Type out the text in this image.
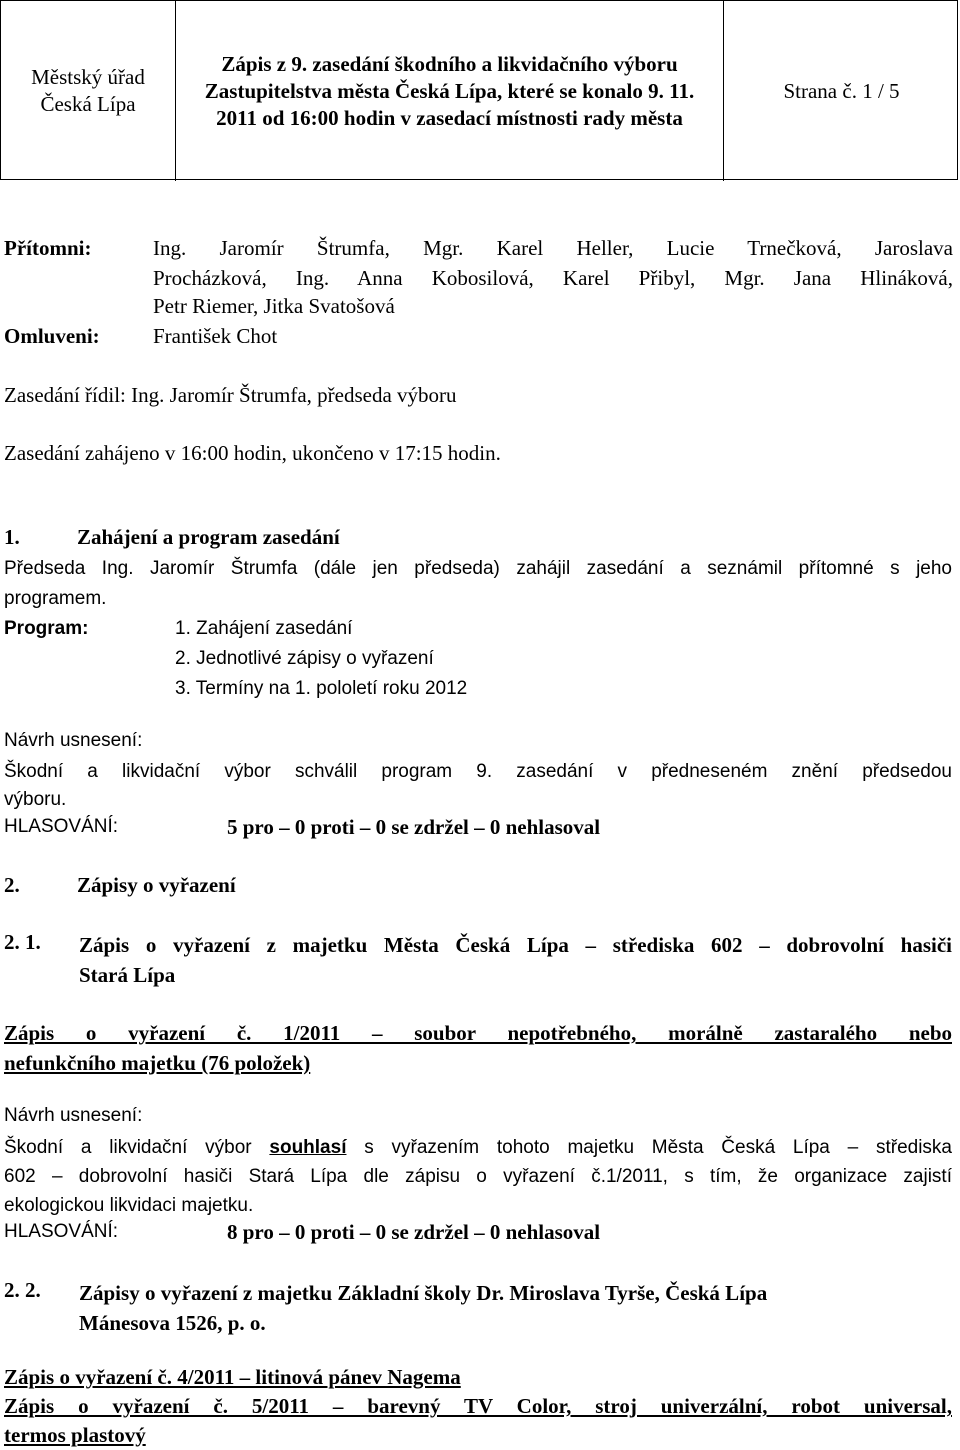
Městský úřad Česká Lípa
Zápis z 9. zasedání škodního a likvidačního výboru Zastupitelstva města Česká Lípa, které se konalo 9. 11. 2011 od 16:00 hodin v zasedací místnosti rady města
Strana č. 1 / 5
Přítomni:	Ing. Jaromír Štrumfa, Mgr. Karel Heller, Lucie Trnečková, Jaroslava
Procházková, Ing. Anna Kobosilová, Karel Přibyl, Mgr. Jana Hlináková,
Petr Riemer, Jitka Svatošová
Omluveni:	František Chot
Zasedání řídil: Ing. Jaromír Štrumfa, předseda výboru
Zasedání zahájeno v 16:00 hodin, ukončeno v 17:15 hodin.
1.	Zahájení a program zasedání
Předseda Ing. Jaromír Štrumfa (dále jen předseda) zahájil zasedání a seznámil přítomné s jeho
programem.
Program:	1. Zahájení zasedání
2. Jednotlivé zápisy o vyřazení
3. Termíny na 1. pololetí roku 2012
Návrh usnesení:
Škodní a likvidační výbor schválil program 9. zasedání v předneseném znění předsedou
výboru.
HLASOVÁNÍ:	5 pro – 0 proti – 0 se zdržel – 0 nehlasoval
2.	Zápisy o vyřazení
2. 1. Zápis o vyřazení z majetku Města Česká Lípa – střediska 602 – dobrovolní hasiči
Stará Lípa
Zápis o vyřazení č. 1/2011 – soubor nepotřebného, morálně zastaralého nebo
nefunkčního majetku (76 položek)
Návrh usnesení:
Škodní a likvidační výbor souhlasí s vyřazením tohoto majetku Města Česká Lípa – střediska
602 – dobrovolní hasiči Stará Lípa dle zápisu o vyřazení č.1/2011, s tím, že organizace zajistí
ekologickou likvidaci majetku.
HLASOVÁNÍ:	8 pro – 0 proti – 0 se zdržel – 0 nehlasoval
2. 2. Zápisy o vyřazení z majetku Základní školy Dr. Miroslava Tyrše, Česká Lípa
Mánesova 1526, p. o.
Zápis o vyřazení č. 4/2011 – litinová pánev Nagema
Zápis o vyřazení č. 5/2011 – barevný TV Color, stroj univerzální, robot universal,
termos plastový
